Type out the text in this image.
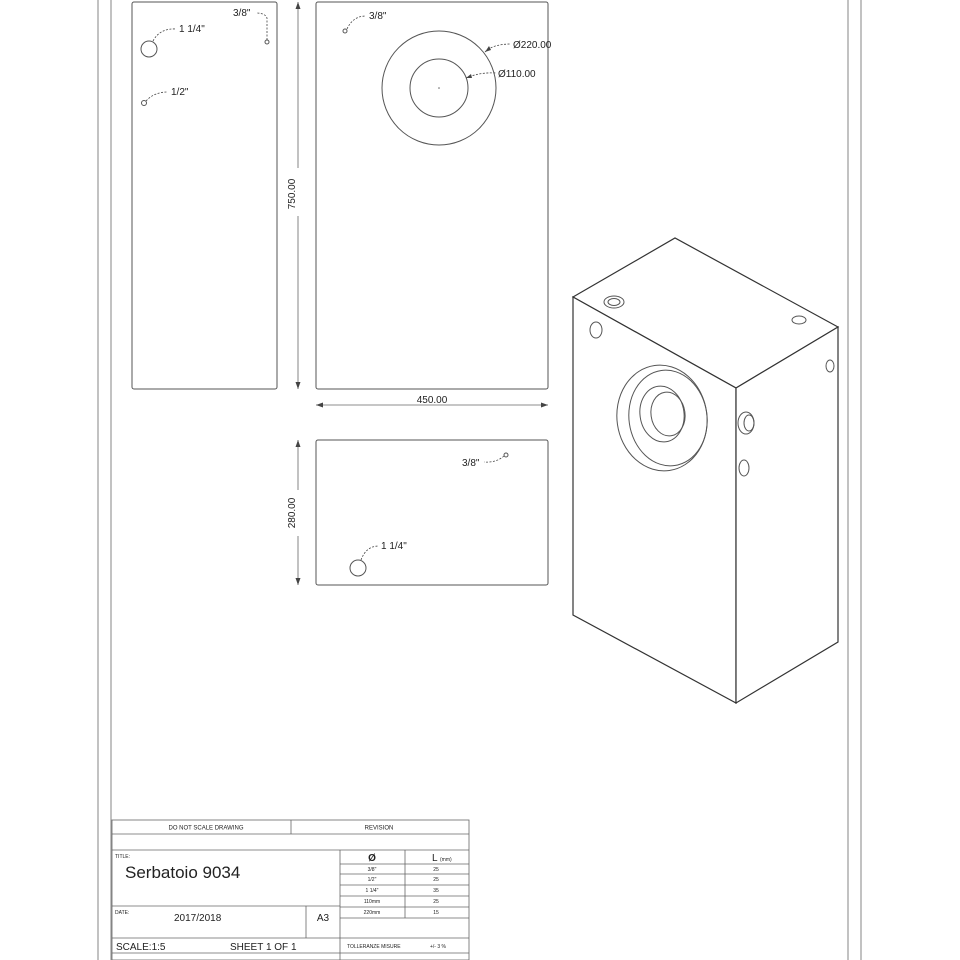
1 1/4"
3/8"
1/2"
3/8"
Ø220.00
Ø110.00
750.00
450.00
3/8"
1 1/4"
280.00
DO NOT SCALE DRAWING	REVISION
TITLE:
Serbatoio 9034
DATE:	2017/2018	A3
SCALE:1:5	SHEET 1 OF 1
Ø	L (mm)
3/8"	25
1/2"	25
1 1/4"	35
110mm	25
220mm	15
TOLLERANZE MISURE	+/- 3 %
